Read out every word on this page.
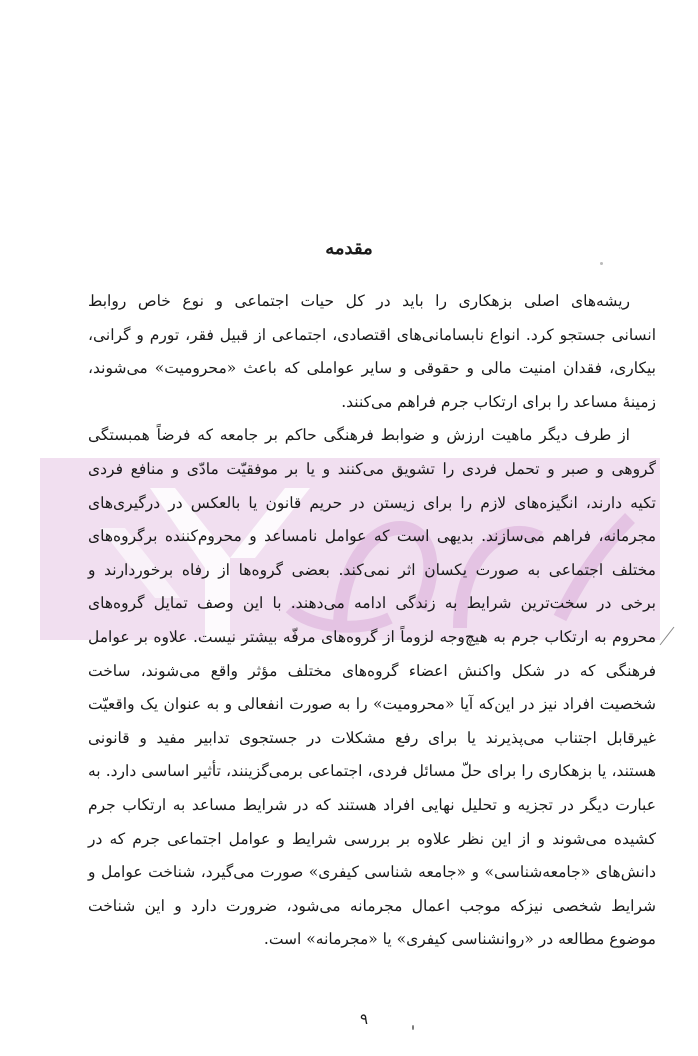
مقدمه
ریشه‌های اصلی بزهکاری را باید در کل حیات اجتماعی و نوع خاص روابط
انسانی جستجو کرد. انواع نابسامانی‌های اقتصادی، اجتماعی از قبیل فقر، تورم و گرانی،
بیکاری، فقدان امنیت مالی و حقوقی و سایر عواملی که باعث «محرومیت» می‌شوند،
زمینهٔ مساعد را برای ارتکاب جرم فراهم می‌کنند.
از طرف دیگر ماهیت ارزش و ضوابط فرهنگی حاکم بر جامعه که فرضاً همبستگی
گروهی و صبر و تحمل فردی را تشویق می‌کنند و یا بر موفقیّت مادّی و منافع فردی
تکیه دارند، انگیزه‌های لازم را برای زیستن در حریم قانون یا بالعکس در درگیری‌های
مجرمانه، فراهم می‌سازند. بدیهی است که عوامل نامساعد و محروم‌کننده برگروه‌های
مختلف اجتماعی به صورت یکسان اثر نمی‌کند. بعضی گروه‌ها از رفاه برخوردارند و
برخی در سخت‌ترین شرایط به زندگی ادامه می‌دهند. با این وصف تمایل گروه‌های
محروم به ارتکاب جرم به هیچ‌وجه لزوماً از گروه‌های مرفّه بیشتر نیست. علاوه بر عوامل
فرهنگی که در شکل واکنش اعضاء گروه‌های مختلف مؤثر واقع می‌شوند، ساخت
شخصیت افراد نیز در این‌که آیا «محرومیت» را به صورت انفعالی و به عنوان یک واقعیّت
غیرقابل اجتناب می‌پذیرند یا برای رفع مشکلات در جستجوی تدابیر مفید و قانونی
هستند، یا بزهکاری را برای حلّ مسائل فردی، اجتماعی برمی‌گزینند، تأثیر اساسی دارد. به
عبارت دیگر در تجزیه و تحلیل نهایی افراد هستند که در شرایط مساعد به ارتکاب جرم
کشیده می‌شوند و از این نظر علاوه بر بررسی شرایط و عوامل اجتماعی جرم که در
دانش‌های «جامعه‌شناسی» و «جامعه شناسی کیفری» صورت می‌گیرد، شناخت عوامل و
شرایط شخصی نیزکه موجب اعمال مجرمانه می‌شود، ضرورت دارد و این شناخت
موضوع مطالعه در «روانشناسی کیفری» یا «مجرمانه» است.
۹
